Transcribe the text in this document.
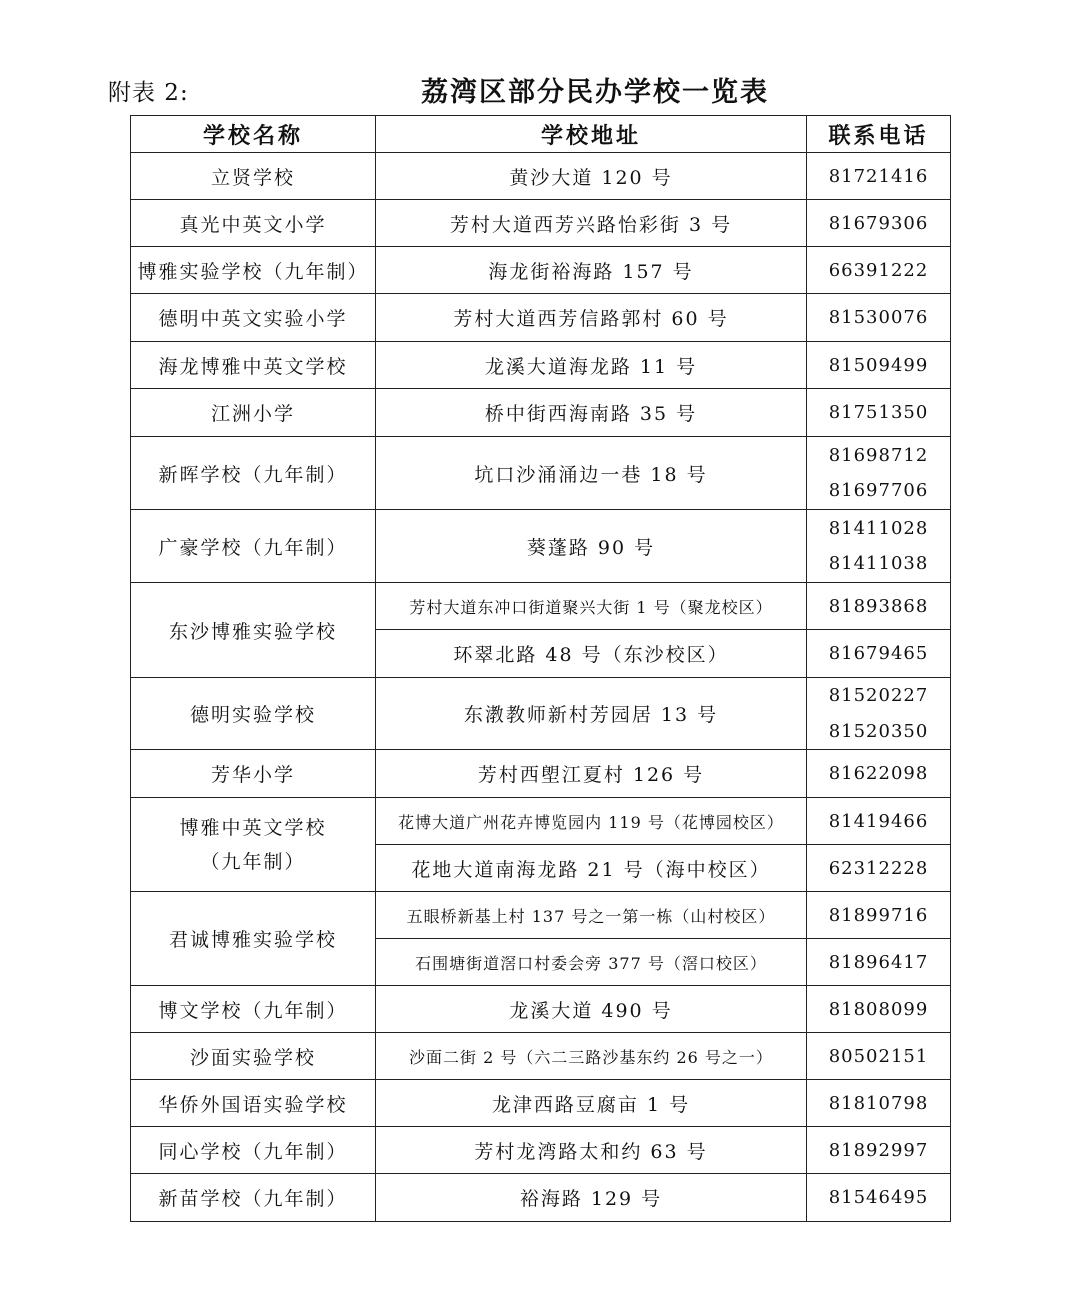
附表 2:	荔湾区部分民办学校一览表
学校名称	学校地址	联系电话
立贤学校	黄沙大道 120 号	81721416
真光中英文小学	芳村大道西芳兴路怡彩街 3 号	81679306
博雅实验学校（九年制）	海龙街裕海路 157 号	66391222
德明中英文实验小学	芳村大道西芳信路郭村 60 号	81530076
海龙博雅中英文学校	龙溪大道海龙路 11 号	81509499
江洲小学	桥中街西海南路 35 号	81751350
新晖学校（九年制）	坑口沙涌涌边一巷 18 号	81698712
81697706

广豪学校（九年制）	葵蓬路 90 号	81411028
81411038

东沙博雅实验学校	芳村大道东冲口街道聚兴大街 1 号（聚龙校区）	81893868
	环翠北路 48 号（东沙校区）	81679465
德明实验学校	东漖教师新村芳园居 13 号	81520227
81520350

芳华小学	芳村西塱江夏村 126 号	81622098

博雅中英文学校
（九年制）	花博大道广州花卉博览园内 119 号（花博园校区）	81419466
	花地大道南海龙路 21 号（海中校区）	62312228
君诚博雅实验学校	五眼桥新基上村 137 号之一第一栋（山村校区）	81899716
	石围塘街道滘口村委会旁 377 号（滘口校区）	81896417
博文学校（九年制）	龙溪大道 490 号	81808099
沙面实验学校	沙面二街 2 号（六二三路沙基东约 26 号之一）	80502151
华侨外国语实验学校	龙津西路豆腐亩 1 号	81810798
同心学校（九年制）	芳村龙湾路太和约 63 号	81892997
新苗学校（九年制）	裕海路 129 号	81546495
